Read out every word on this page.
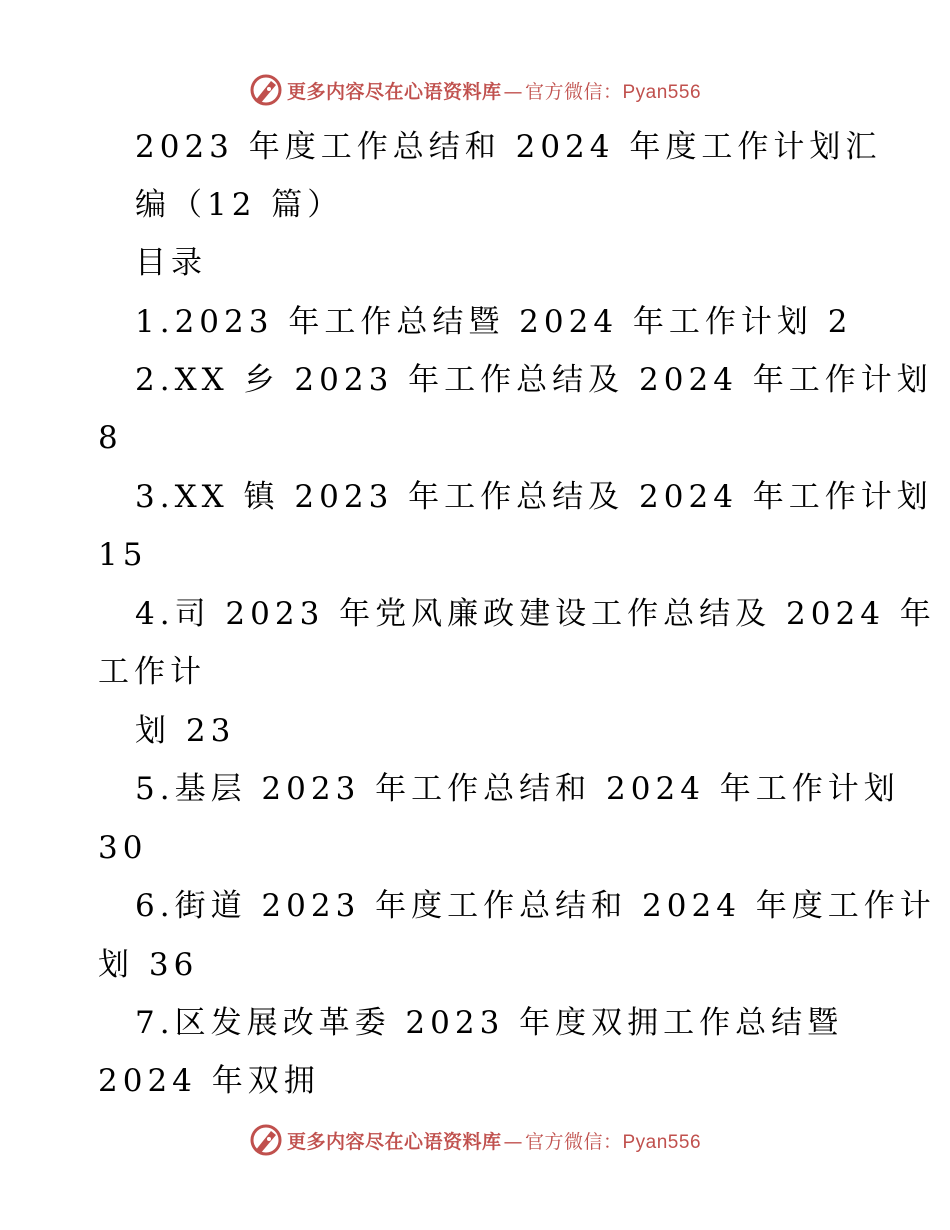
更多内容尽在心语资料库 — 官方微信：Pyan556
2023 年度工作总结和 2024 年度工作计划汇
编（12 篇）
目录
1.2023 年工作总结暨 2024 年工作计划 2
2.XX 乡 2023 年工作总结及 2024 年工作计划
8
3.XX 镇 2023 年工作总结及 2024 年工作计划
15
4.司 2023 年党风廉政建设工作总结及 2024 年
工作计
划 23
5.基层 2023 年工作总结和 2024 年工作计划
30
6.街道 2023 年度工作总结和 2024 年度工作计
划 36
7.区发展改革委 2023 年度双拥工作总结暨
2024 年双拥
更多内容尽在心语资料库 — 官方微信：Pyan556
